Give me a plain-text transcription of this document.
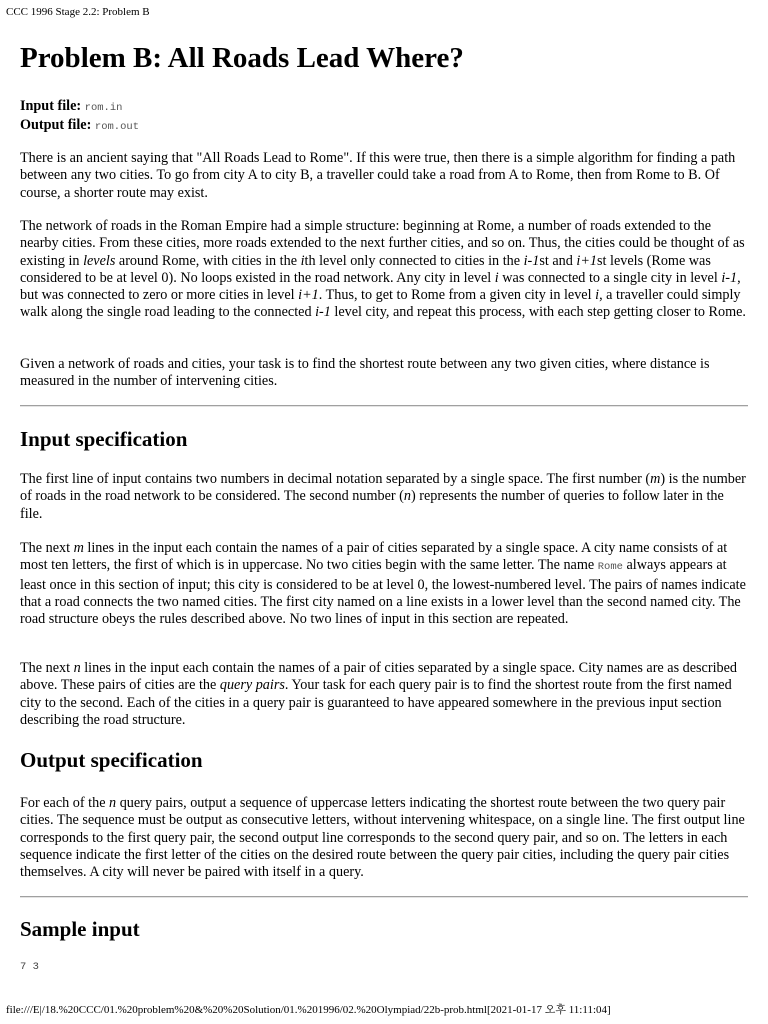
CCC 1996 Stage 2.2: Problem B
Problem B: All Roads Lead Where?
Input file: rom.in
Output file: rom.out

There is an ancient saying that "All Roads Lead to Rome". If this were true, then there is a simple algorithm for finding a path between any two cities. To go from city A to city B, a traveller could take a road from A to Rome, then from Rome to B. Of course, a shorter route may exist.

The network of roads in the Roman Empire had a simple structure: beginning at Rome, a number of roads extended to the nearby cities. From these cities, more roads extended to the next further cities, and so on. Thus, the cities could be thought of as existing in levels around Rome, with cities in the ith level only connected to cities in the i-1st and i+1st levels (Rome was considered to be at level 0). No loops existed in the road network. Any city in level i was connected to a single city in level i-1, but was connected to zero or more cities in level i+1. Thus, to get to Rome from a given city in level i, a traveller could simply walk along the single road leading to the connected i-1 level city, and repeat this process, with each step getting closer to Rome.

Given a network of roads and cities, your task is to find the shortest route between any two given cities, where distance is measured in the number of intervening cities.

Input specification

The first line of input contains two numbers in decimal notation separated by a single space. The first number (m) is the number of roads in the road network to be considered. The second number (n) represents the number of queries to follow later in the file.

The next m lines in the input each contain the names of a pair of cities separated by a single space. A city name consists of at most ten letters, the first of which is in uppercase. No two cities begin with the same letter. The name Rome always appears at least once in this section of input; this city is considered to be at level 0, the lowest-numbered level. The pairs of names indicate that a road connects the two named cities. The first city named on a line exists in a lower level than the second named city. The road structure obeys the rules described above. No two lines of input in this section are repeated.

The next n lines in the input each contain the names of a pair of cities separated by a single space. City names are as described above. These pairs of cities are the query pairs. Your task for each query pair is to find the shortest route from the first named city to the second. Each of the cities in a query pair is guaranteed to have appeared somewhere in the previous input section describing the road structure.

Output specification

For each of the n query pairs, output a sequence of uppercase letters indicating the shortest route between the two query pair cities. The sequence must be output as consecutive letters, without intervening whitespace, on a single line. The first output line corresponds to the first query pair, the second output line corresponds to the second query pair, and so on. The letters in each sequence indicate the first letter of the cities on the desired route between the query pair cities, including the query pair cities themselves. A city will never be paired with itself in a query.

Sample input
7 3
file:///E|/18.%20CCC/01.%20problem%20&%20%20Solution/01.%201996/02.%20Olympiad/22b-prob.html[2021-01-17 오후 11:11:04]
